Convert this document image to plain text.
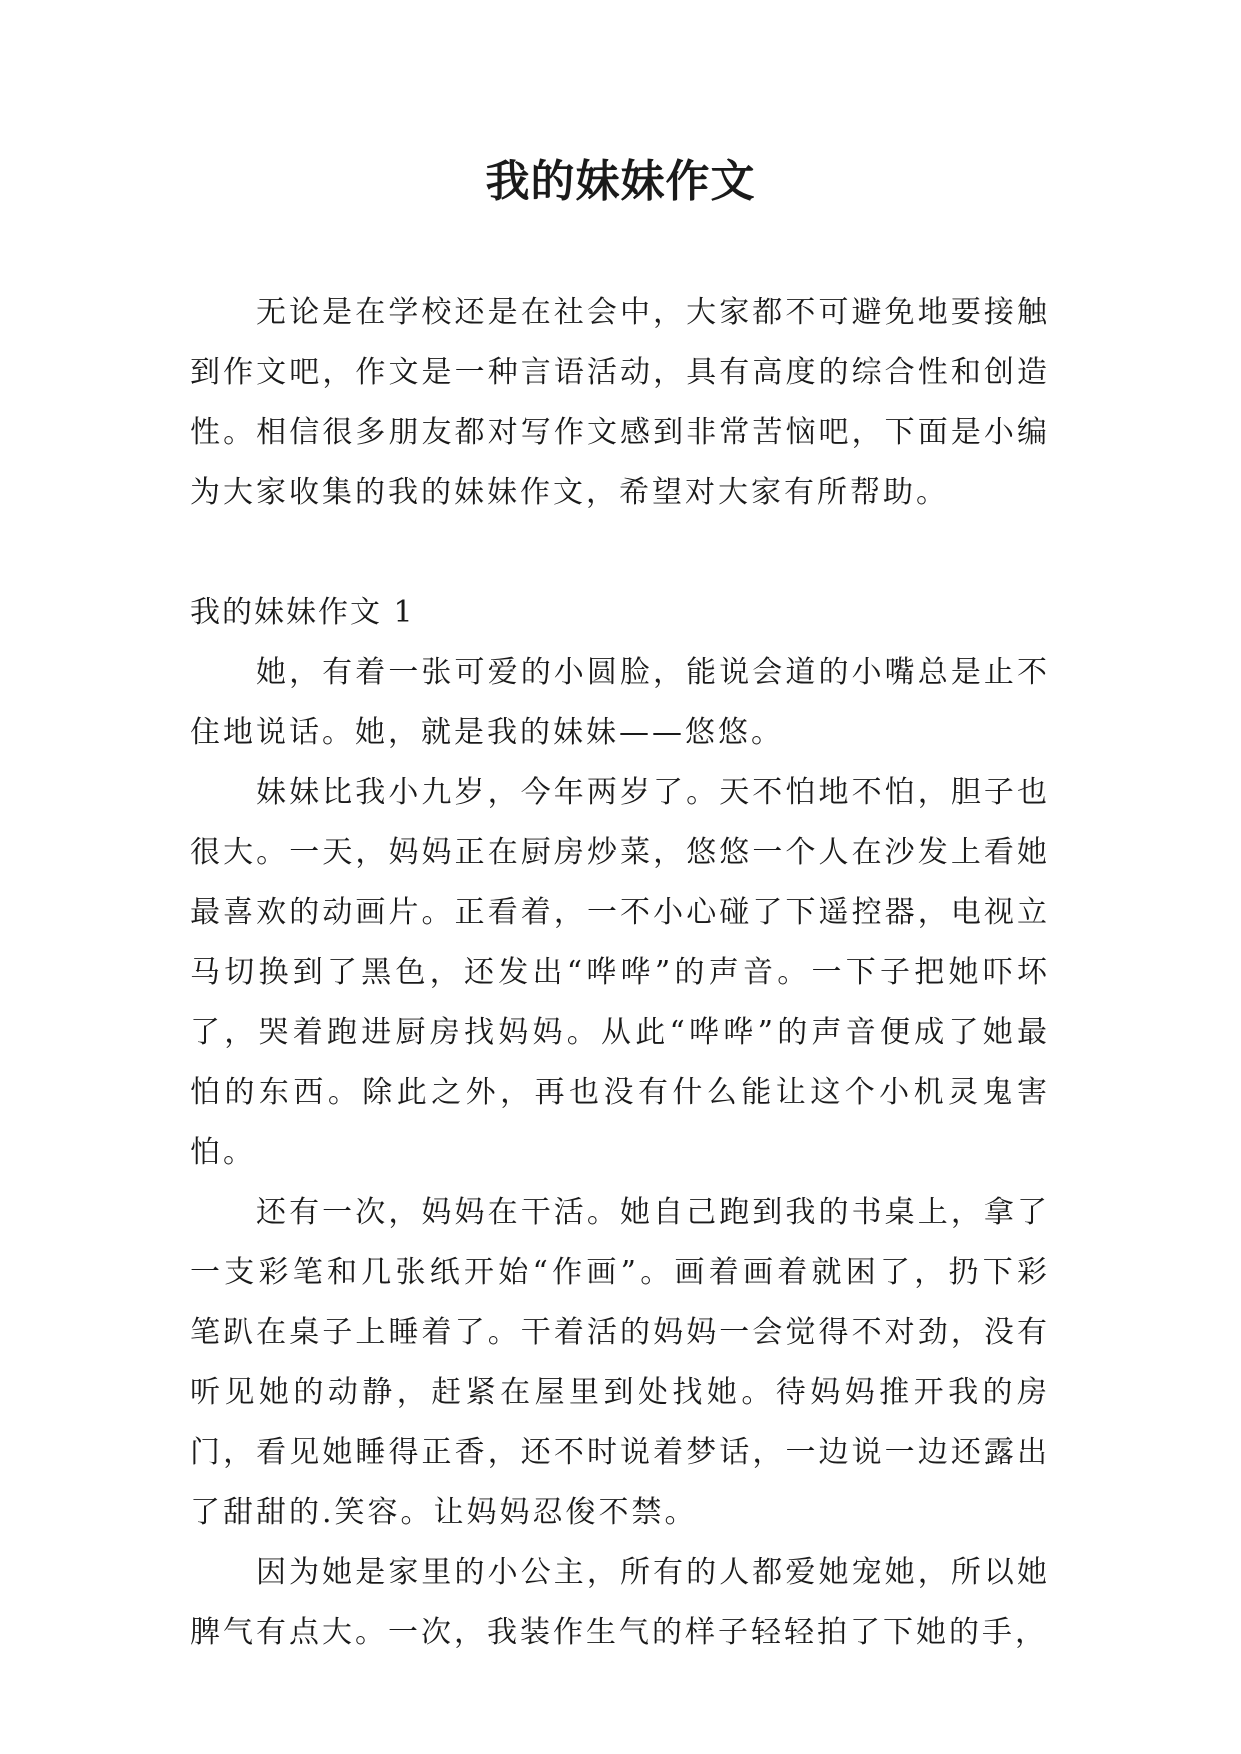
我的妹妹作文

无论是在学校还是在社会中，大家都不可避免地要接触到作文吧，作文是一种言语活动，具有高度的综合性和创造性。相信很多朋友都对写作文感到非常苦恼吧，下面是小编为大家收集的我的妹妹作文，希望对大家有所帮助。

我的妹妹作文 1

她，有着一张可爱的小圆脸，能说会道的小嘴总是止不住地说话。她，就是我的妹妹——悠悠。

妹妹比我小九岁，今年两岁了。天不怕地不怕，胆子也很大。一天，妈妈正在厨房炒菜，悠悠一个人在沙发上看她最喜欢的动画片。正看着，一不小心碰了下遥控器，电视立马切换到了黑色，还发出“哗哗”的声音。一下子把她吓坏了，哭着跑进厨房找妈妈。从此“哗哗”的声音便成了她最怕的东西。除此之外，再也没有什么能让这个小机灵鬼害怕。

还有一次，妈妈在干活。她自己跑到我的书桌上，拿了一支彩笔和几张纸开始“作画”。画着画着就困了，扔下彩笔趴在桌子上睡着了。干着活的妈妈一会觉得不对劲，没有听见她的动静，赶紧在屋里到处找她。待妈妈推开我的房门，看见她睡得正香，还不时说着梦话，一边说一边还露出了甜甜的.笑容。让妈妈忍俊不禁。

因为她是家里的小公主，所有的人都爱她宠她，所以她脾气有点大。一次，我装作生气的样子轻轻拍了下她的手，
